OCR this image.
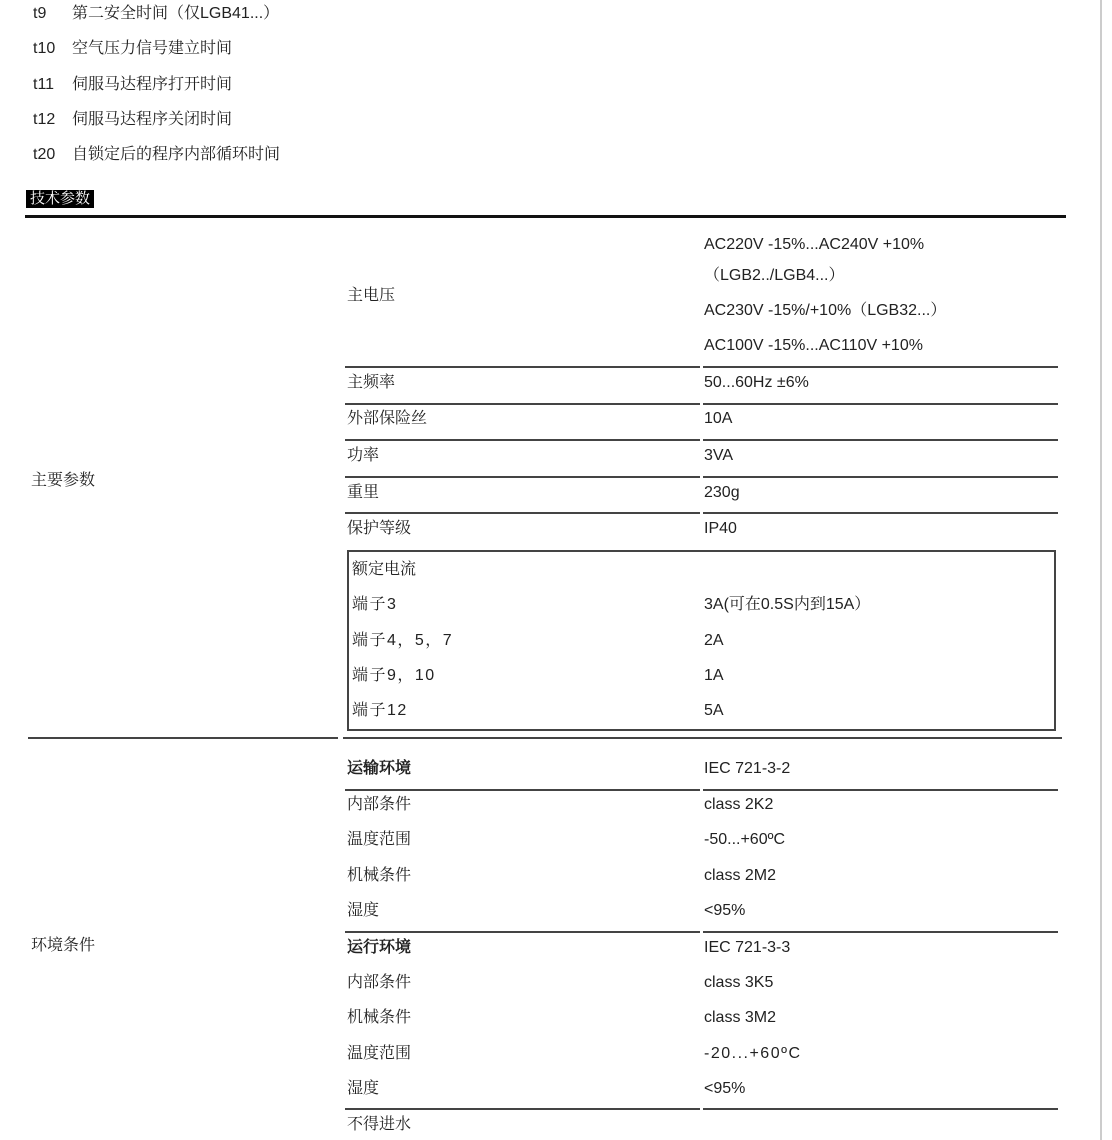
t9 第二安全时间（仅LGB41...）
t10 空气压力信号建立时间
t11 伺服马达程序打开时间
t12 伺服马达程序关闭时间
t20 自锁定后的程序内部循环时间
技术参数
主要参数
主电压
AC220V -15%...AC240V +10%
（LGB2../LGB4...）
AC230V -15%/+10%（LGB32...）
AC100V -15%...AC110V +10%
主频率	50...60Hz ±6%
外部保险丝	10A
功率	3VA
重里	230g
保护等级	IP40
额定电流
端子3	3A(可在0.5S内到15A）
端子4，5，7	2A
端子9，10	1A
端子12	5A
环境条件
运输环境	IEC 721-3-2
内部条件	class 2K2
温度范围	-50...+60ºC
机械条件	class 2M2
湿度	<95%
运行环境	IEC 721-3-3
内部条件	class 3K5
机械条件	class 3M2
温度范围	-20...+60ºC
湿度	<95%
不得进水
